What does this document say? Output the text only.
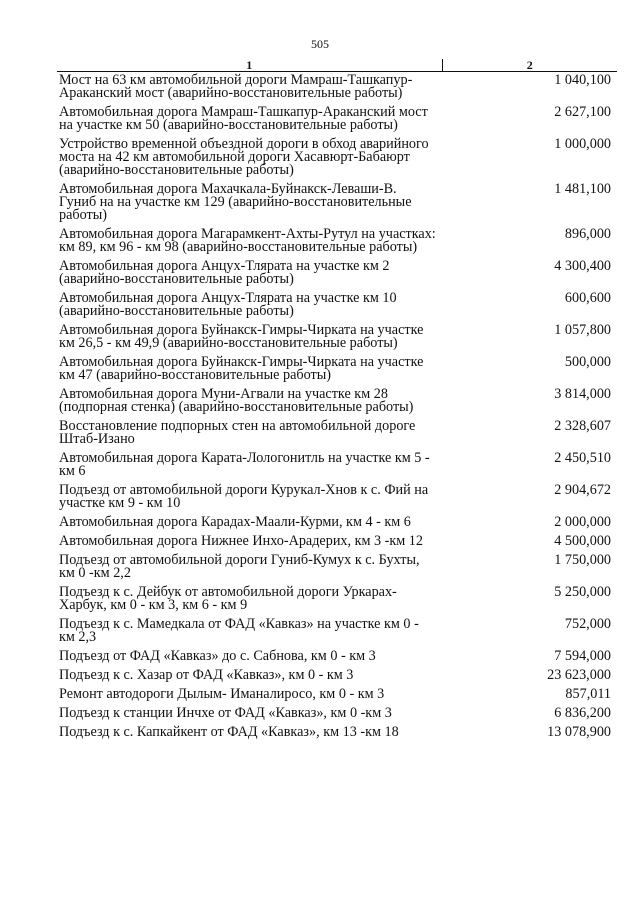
505
1	2
Мост на 63 км автомобильной дороги Мамраш-Ташкапур-Араканский мост (аварийно-восстановительные работы)	1 040,100
Автомобильная дорога Мамраш-Ташкапур-Араканский мост на участке км 50 (аварийно-восстановительные работы)	2 627,100
Устройство временной объездной дороги в обход аварийного моста на 42 км автомобильной дороги Хасавюрт-Бабаюрт (аварийно-восстановительные работы)	1 000,000
Автомобильная дорога Махачкала-Буйнакск-Леваши-В. Гуниб на на участке км 129 (аварийно-восстановительные работы)	1 481,100
Автомобильная дорога Магарамкент-Ахты-Рутул на участках: км 89, км 96 - км 98 (аварийно-восстановительные работы)	896,000
Автомобильная дорога Анцух-Тлярата на участке км 2 (аварийно-восстановительные работы)	4 300,400
Автомобильная дорога Анцух-Тлярата на участке км 10 (аварийно-восстановительные работы)	600,600
Автомобильная дорога Буйнакск-Гимры-Чирката на участке км 26,5 - км 49,9 (аварийно-восстановительные работы)	1 057,800
Автомобильная дорога Буйнакск-Гимры-Чирката на участке км 47 (аварийно-восстановительные работы)	500,000
Автомобильная дорога Муни-Агвали на участке км 28 (подпорная стенка) (аварийно-восстановительные работы)	3 814,000
Восстановление подпорных стен на автомобильной дороге Штаб-Изано	2 328,607
Автомобильная дорога Карата-Лологонитль на участке км 5 - км 6	2 450,510
Подъезд от автомобильной дороги Курукал-Хнов к с. Фий на участке км 9 - км 10	2 904,672
Автомобильная дорога Карадах-Маали-Курми, км 4 - км 6	2 000,000
Автомобильная дорога Нижнее Инхо-Арадерих, км 3 -км 12	4 500,000
Подъезд от автомобильной дороги Гуниб-Кумух к с. Бухты, км 0 -км 2,2	1 750,000
Подъезд к с. Дейбук от автомобильной дороги Уркарах-Харбук, км 0 - км 3, км 6 - км 9	5 250,000
Подъезд к с. Мамедкала от ФАД «Кавказ» на участке км 0 - км 2,3	752,000
Подъезд от ФАД «Кавказ» до с. Сабнова, км 0 - км 3	7 594,000
Подъезд к с. Хазар от ФАД «Кавказ», км 0 - км 3	23 623,000
Ремонт автодороги Дылым- Иманалиросо, км 0 - км 3	857,011
Подъезд к станции Инчхе от ФАД «Кавказ», км 0 -км 3	6 836,200
Подъезд к с. Капкайкент от ФАД «Кавказ», км 13 -км 18	13 078,900
